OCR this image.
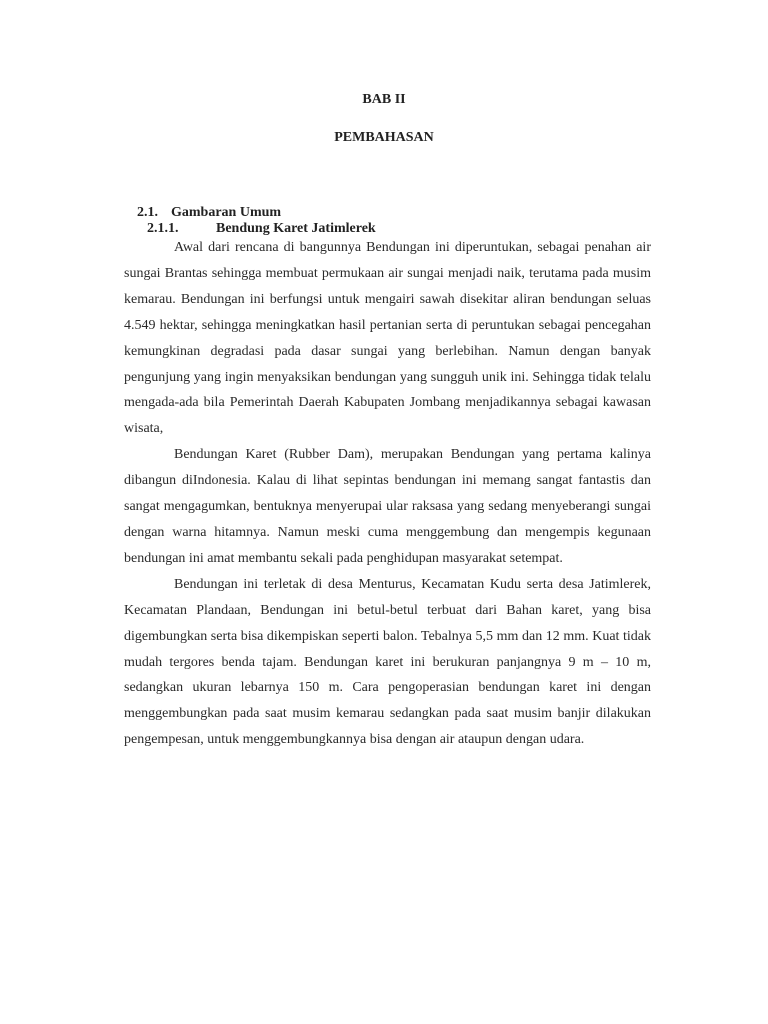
BAB II
PEMBAHASAN
2.1. Gambaran Umum
2.1.1.	Bendung Karet Jatimlerek

Awal dari rencana di bangunnya Bendungan ini diperuntukan, sebagai penahan air sungai Brantas sehingga membuat permukaan air sungai menjadi naik, terutama pada musim kemarau. Bendungan ini berfungsi untuk mengairi sawah disekitar aliran bendungan seluas 4.549 hektar, sehingga meningkatkan hasil pertanian serta di peruntukan sebagai pencegahan kemungkinan degradasi pada dasar sungai yang berlebihan. Namun dengan banyak pengunjung yang ingin menyaksikan bendungan yang sungguh unik ini. Sehingga tidak telalu mengada-ada bila Pemerintah Daerah Kabupaten Jombang menjadikannya sebagai kawasan wisata,

Bendungan Karet (Rubber Dam), merupakan Bendungan yang pertama kalinya dibangun diIndonesia. Kalau di lihat sepintas bendungan ini memang sangat fantastis dan sangat mengagumkan, bentuknya menyerupai ular raksasa yang sedang menyeberangi sungai dengan warna hitamnya. Namun meski cuma menggembung dan mengempis kegunaan bendungan ini amat membantu sekali pada penghidupan masyarakat setempat.

Bendungan ini terletak di desa Menturus, Kecamatan Kudu serta desa Jatimlerek, Kecamatan Plandaan, Bendungan ini betul-betul terbuat dari Bahan karet, yang bisa digembungkan serta bisa dikempiskan seperti balon. Tebalnya 5,5 mm dan 12 mm. Kuat tidak mudah tergores benda tajam. Bendungan karet ini berukuran panjangnya 9 m – 10 m, sedangkan ukuran lebarnya 150 m. Cara pengoperasian bendungan karet ini dengan menggembungkan pada saat musim kemarau sedangkan pada saat musim banjir dilakukan pengempesan, untuk menggembungkannya bisa dengan air ataupun dengan udara.
